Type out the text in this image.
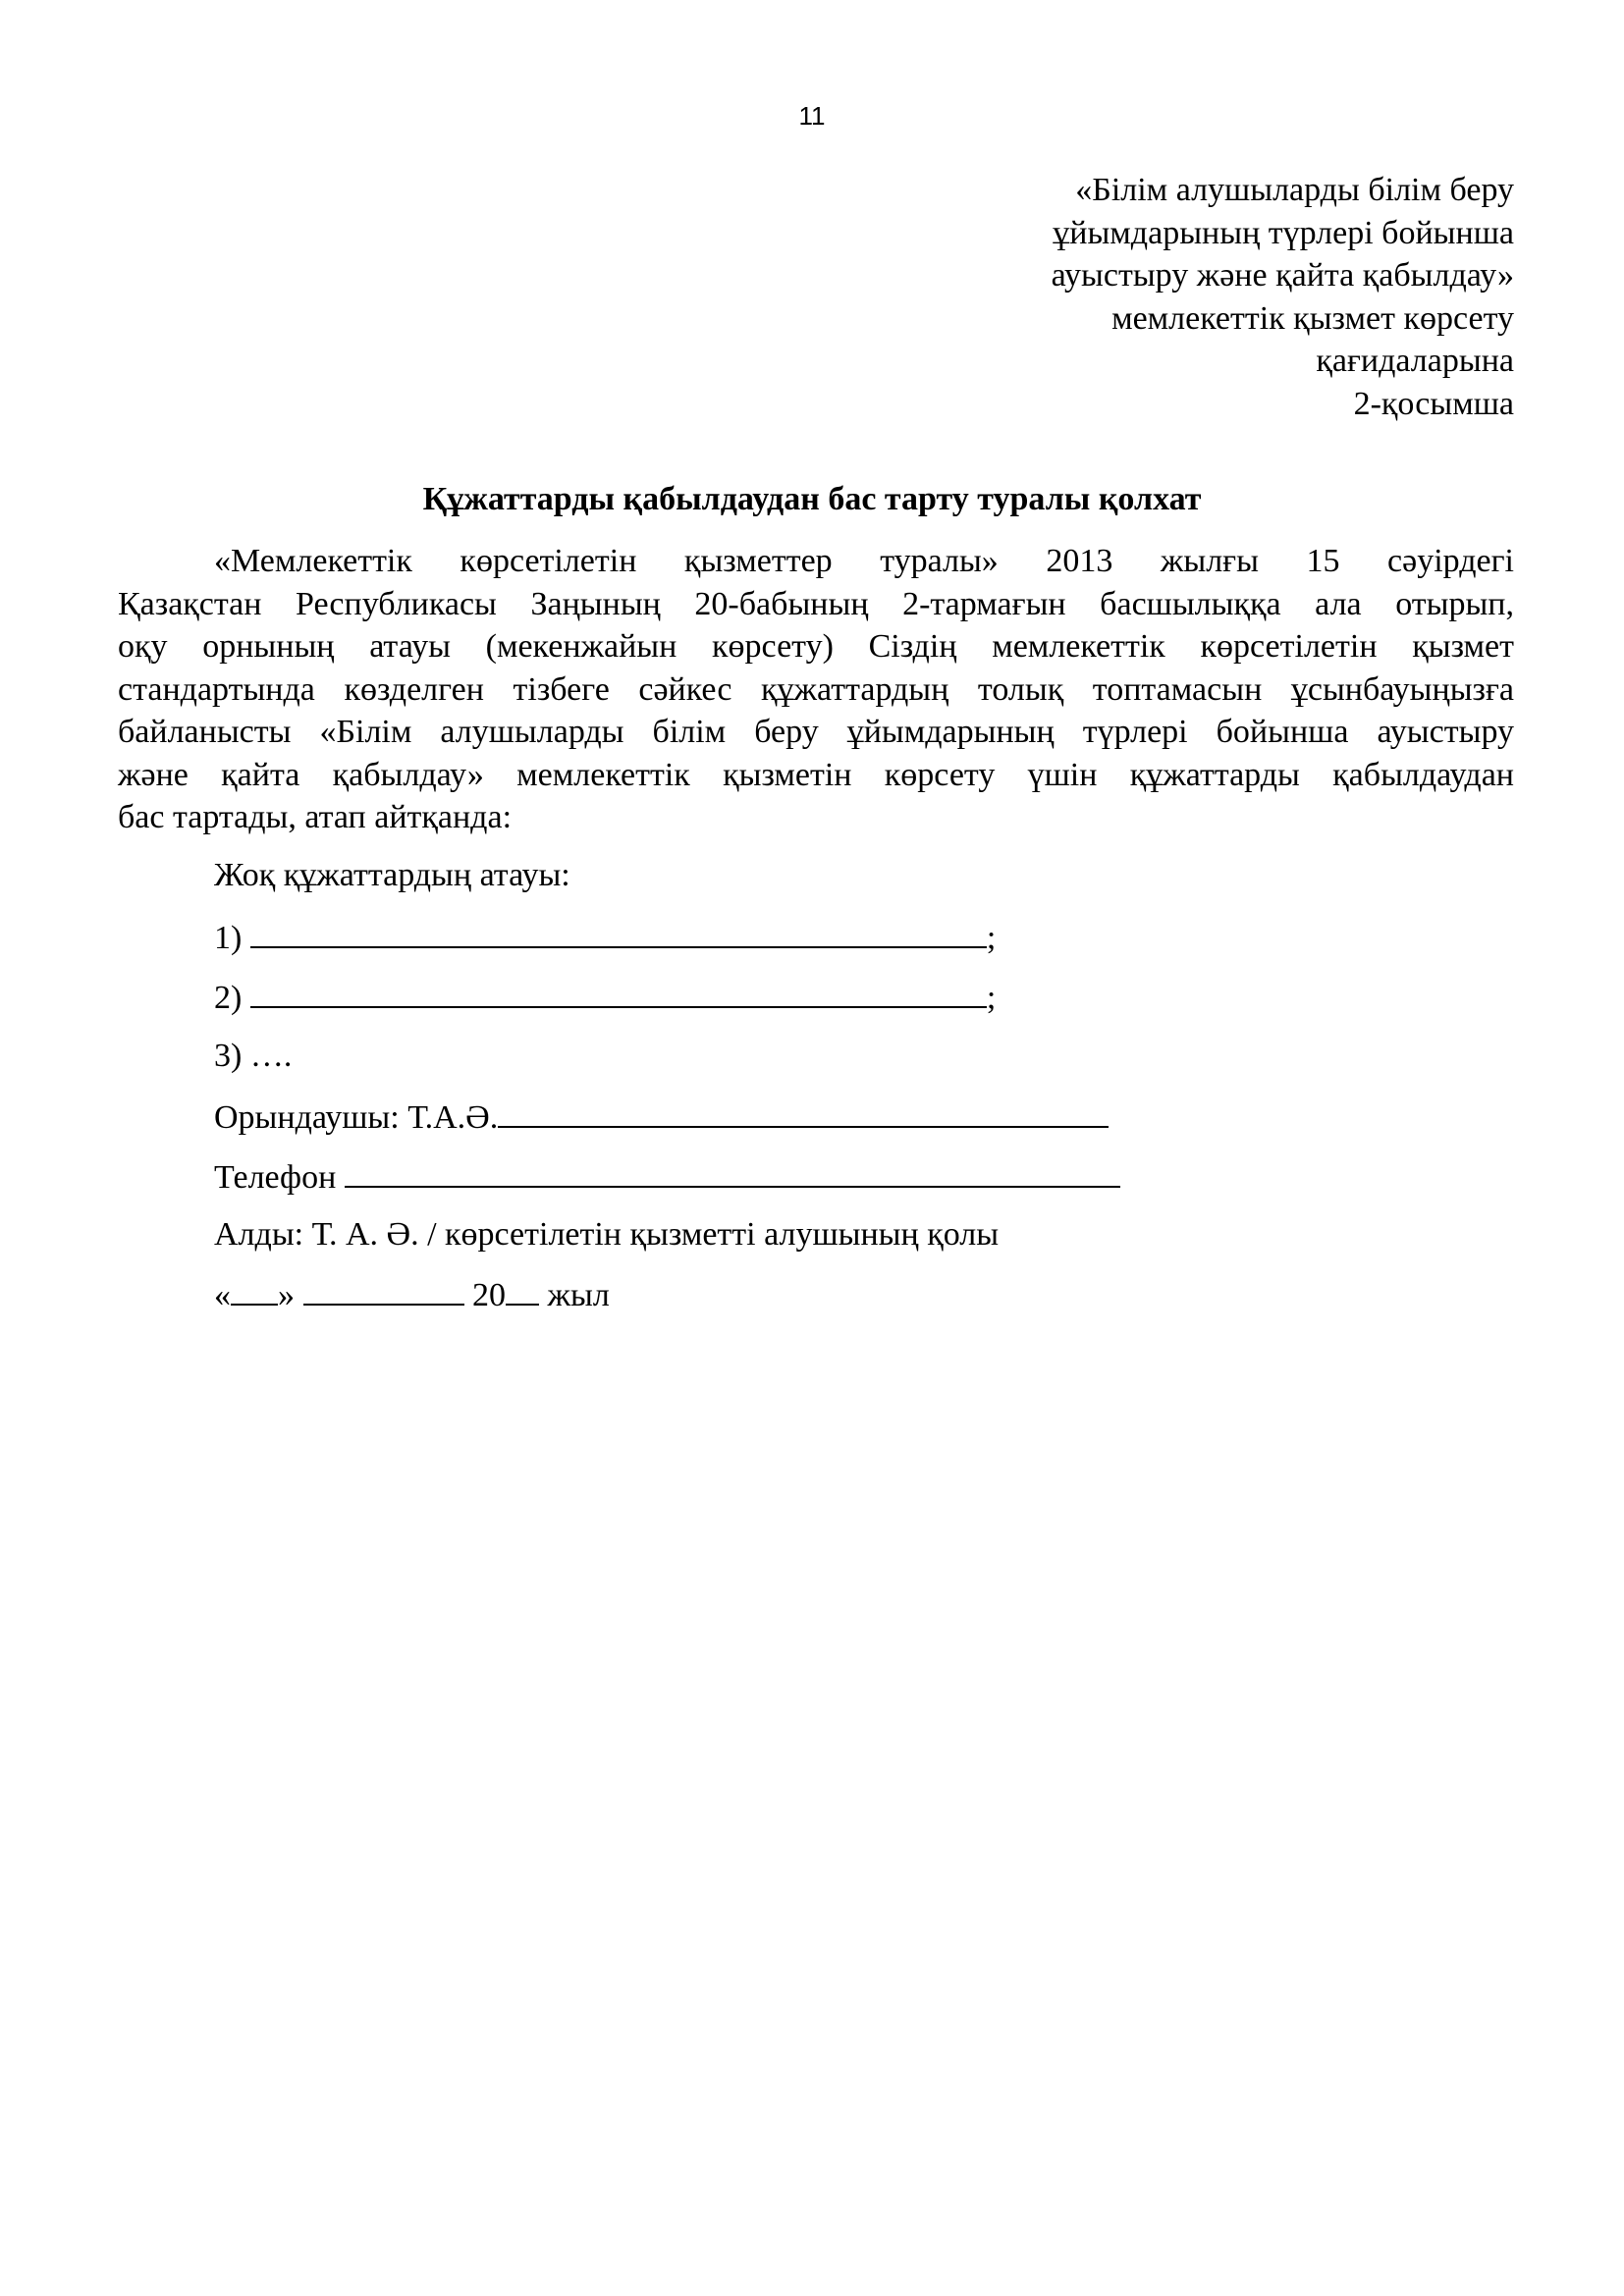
11
«Білім алушыларды білім беру
ұйымдарының түрлері бойынша
ауыстыру және қайта қабылдау»
мемлекеттік қызмет көрсету
қағидаларына
2-қосымша
Құжаттарды қабылдаудан бас тарту туралы қолхат
«Мемлекеттік көрсетілетін қызметтер туралы» 2013 жылғы 15 сәуірдегі
Қазақстан Республикасы Заңының 20-бабының 2-тармағын басшылыққа ала отырып,
оқу орнының атауы (мекенжайын көрсету) Сіздің мемлекеттік көрсетілетін қызмет
стандартында көзделген тізбеге сәйкес құжаттардың толық топтамасын ұсынбауыңызға
байланысты «Білім алушыларды білім беру ұйымдарының түрлері бойынша ауыстыру
және қайта қабылдау» мемлекеттік қызметін көрсету үшін құжаттарды қабылдаудан
бас тартады, атап айтқанда:
Жоқ құжаттардың атауы:
1)	;
2)	;
3) ….
Орындаушы: Т.А.Ә.
Телефон
Алды: Т. А. Ә. / көрсетілетін қызметті алушының қолы
« »	20 жыл
